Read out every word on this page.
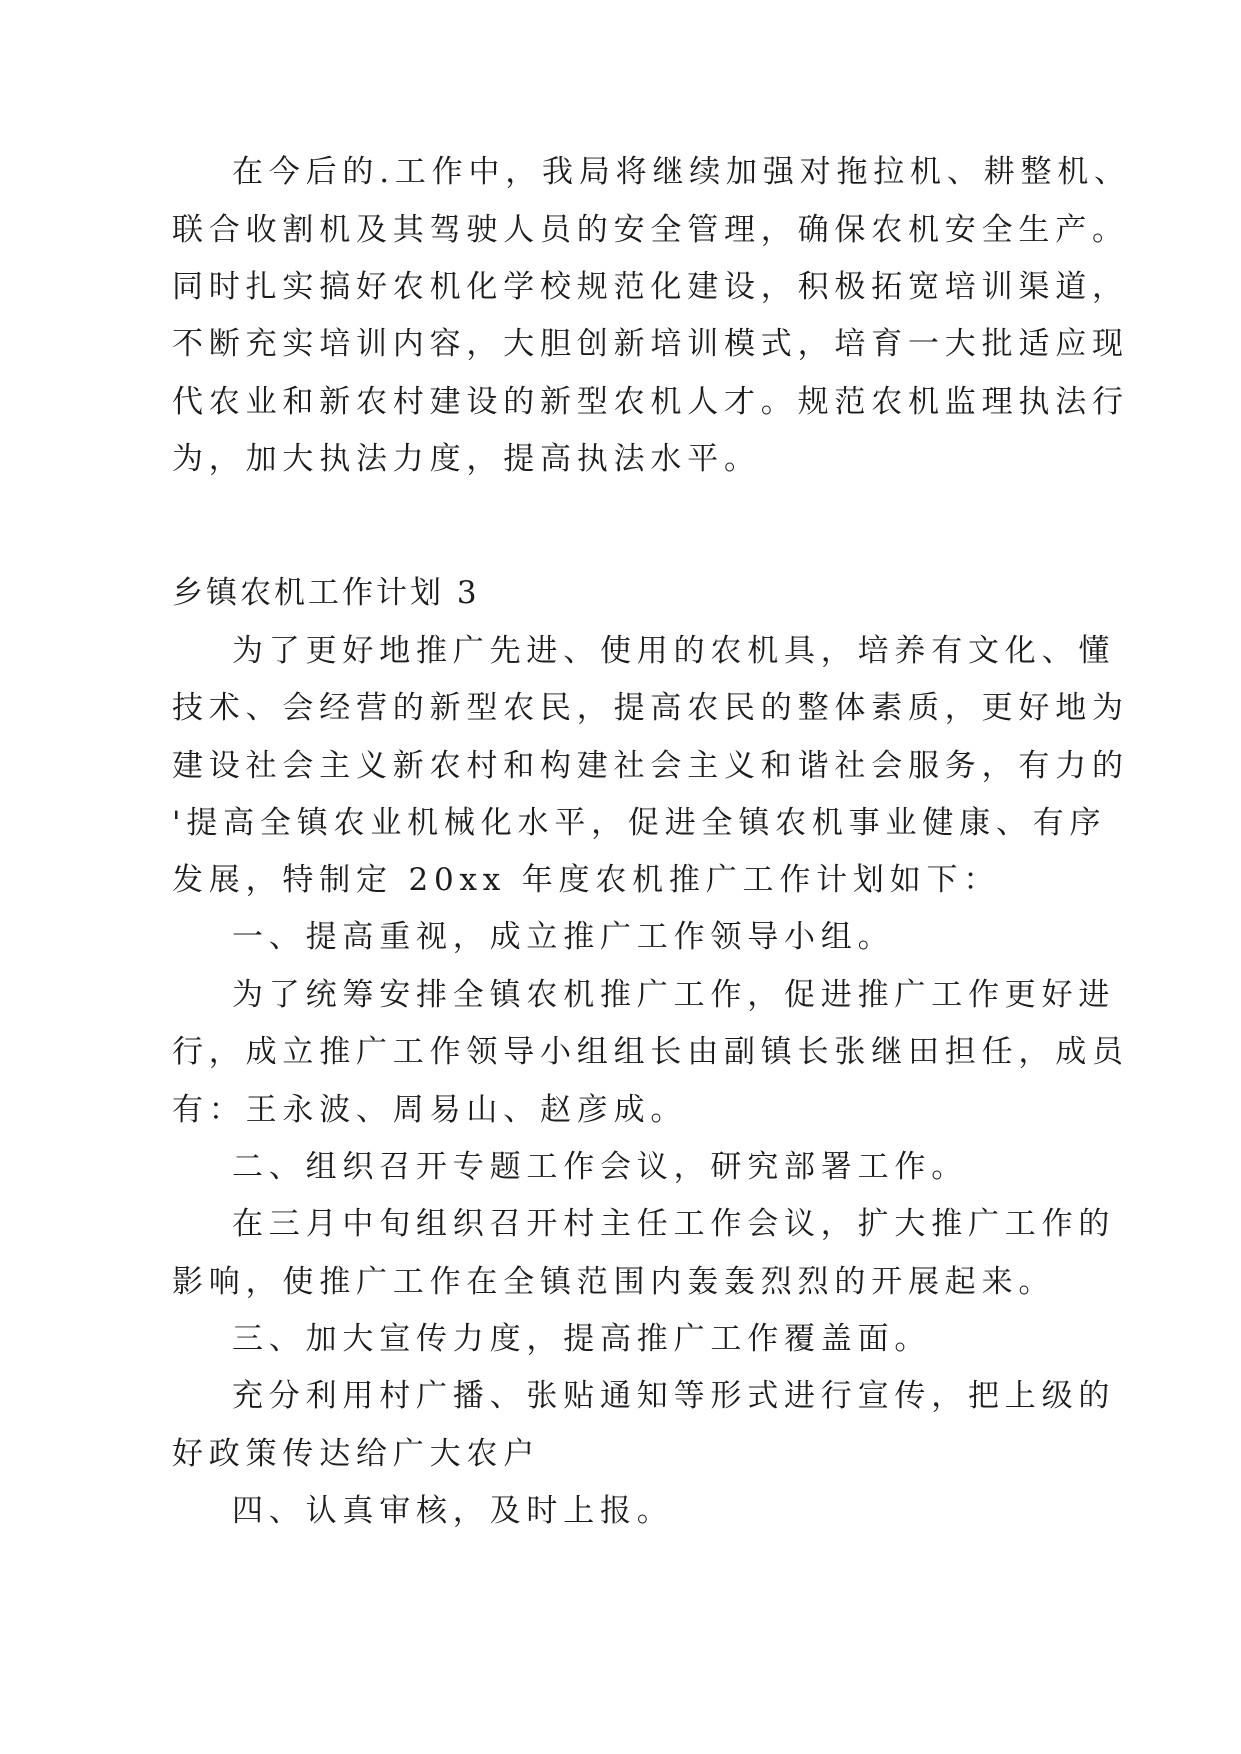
在今后的.工作中，我局将继续加强对拖拉机、耕整机、

联合收割机及其驾驶人员的安全管理，确保农机安全生产。

同时扎实搞好农机化学校规范化建设，积极拓宽培训渠道，

不断充实培训内容，大胆创新培训模式，培育一大批适应现

代农业和新农村建设的新型农机人才。规范农机监理执法行

为，加大执法力度，提高执法水平。

乡镇农机工作计划 3

为了更好地推广先进、使用的农机具，培养有文化、懂

技术、会经营的新型农民，提高农民的整体素质，更好地为

建设社会主义新农村和构建社会主义和谐社会服务，有力的

'提高全镇农业机械化水平，促进全镇农机事业健康、有序

发展，特制定 20xx 年度农机推广工作计划如下：

一、提高重视，成立推广工作领导小组。

为了统筹安排全镇农机推广工作，促进推广工作更好进

行，成立推广工作领导小组组长由副镇长张继田担任，成员

有：王永波、周易山、赵彦成。

二、组织召开专题工作会议，研究部署工作。

在三月中旬组织召开村主任工作会议，扩大推广工作的

影响，使推广工作在全镇范围内轰轰烈烈的开展起来。

三、加大宣传力度，提高推广工作覆盖面。

充分利用村广播、张贴通知等形式进行宣传，把上级的

好政策传达给广大农户

四、认真审核，及时上报。
